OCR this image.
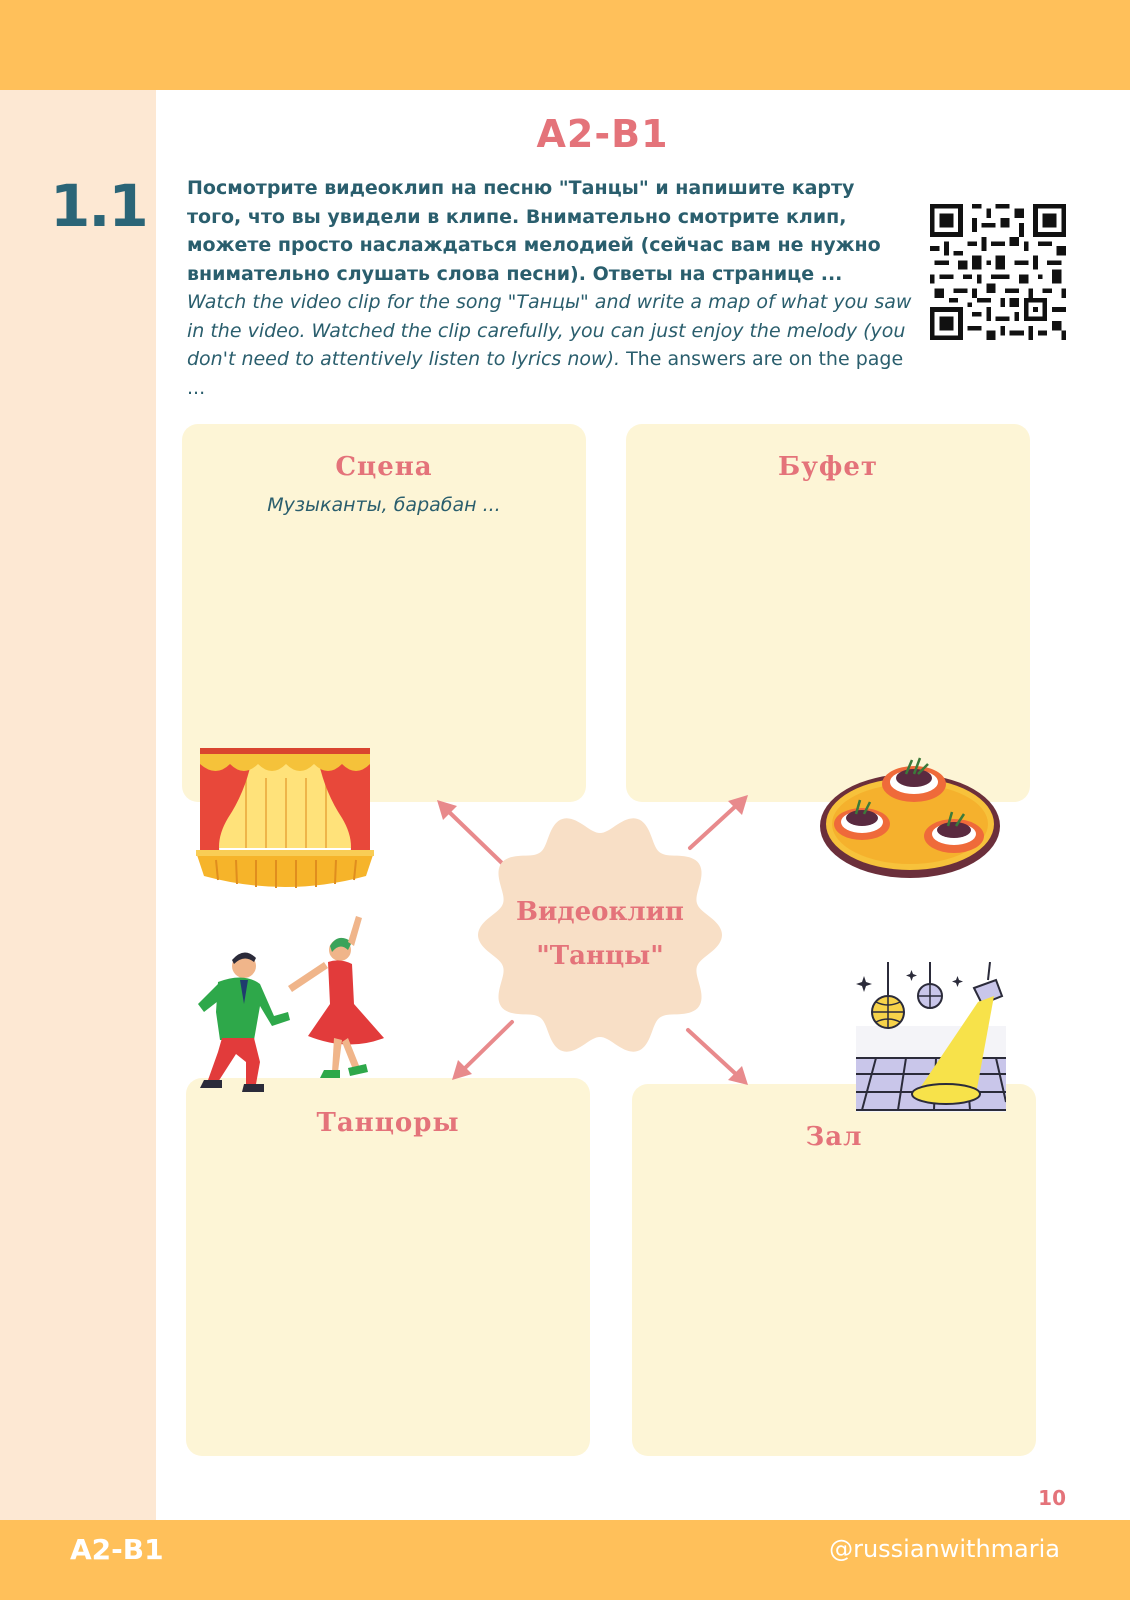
A2-B1
1.1 Посмотрите видеоклип на песню "Танцы" и напишите карту того, что вы увидели в клипе. Внимательно смотрите клип, можете просто наслаждаться мелодией (сейчас вам не нужно внимательно слушать слова песни). Ответы на странице ...

Watch the video clip for the song "Танцы" and write a map of what you saw in the video. Watched the clip carefully, you can just enjoy the melody (you don't need to attentively listen to lyrics now). The answers are on the page ...

Сцена
Музыканты, барабан ...
Буфет
Танцоры	Зал
Видеоклип
"Танцы"
10
A2-B1	@russianwithmaria
